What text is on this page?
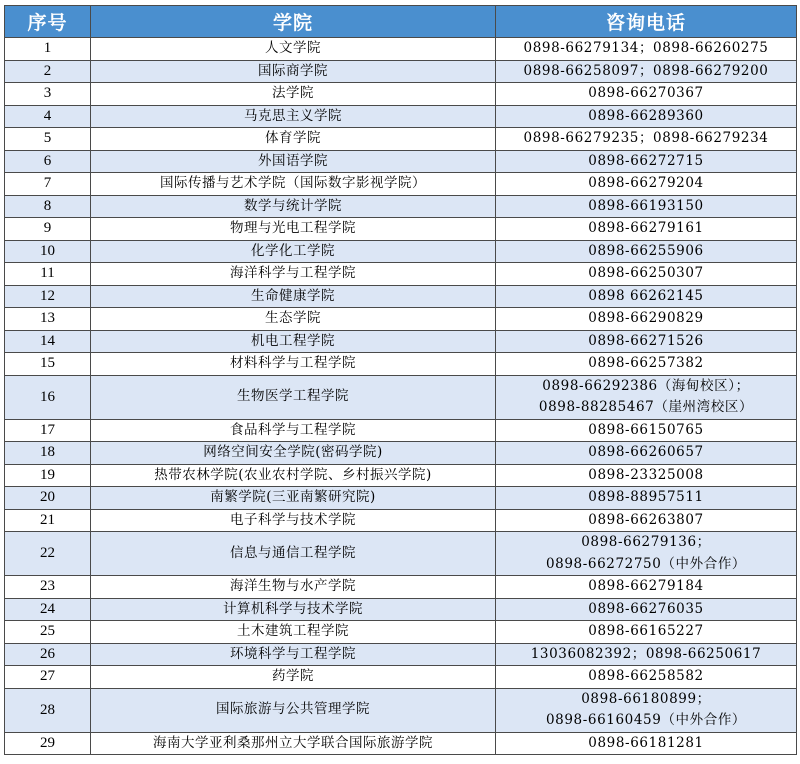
序号	学院	咨询电话
1	人文学院	0898-66279134；0898-66260275

2	国际商学院	0898-66258097；0898-66279200

3	法学院	0898-66270367

4	马克思主义学院	0898-66289360

5	体育学院	0898-66279235；0898-66279234

6	外国语学院	0898-66272715

7	国际传播与艺术学院（国际数字影视学院）	0898-66279204

8	数学与统计学院	0898-66193150

9	物理与光电工程学院	0898-66279161

10	化学化工学院	0898-66255906

11	海洋科学与工程学院	0898-66250307

12	生命健康学院	0898 66262145

13	生态学院	0898-66290829

14	机电工程学院	0898-66271526

15	材料科学与工程学院	0898-66257382

16	生物医学工程学院	0898-66292386（海甸校区）；
0898-88285467（崖州湾校区）

17	食品科学与工程学院	0898-66150765

18	网络空间安全学院(密码学院)	0898-66260657

19	热带农林学院(农业农村学院、乡村振兴学院)	0898-23325008

20	南繁学院(三亚南繁研究院)	0898-88957511

21	电子科学与技术学院	0898-66263807

22	信息与通信工程学院	0898-66279136；
0898-66272750（中外合作）

23	海洋生物与水产学院	0898-66279184

24	计算机科学与技术学院	0898-66276035

25	土木建筑工程学院	0898-66165227

26	环境科学与工程学院	13036082392；0898-66250617

27	药学院	0898-66258582

28	国际旅游与公共管理学院	0898-66180899；
0898-66160459（中外合作）

29	海南大学亚利桑那州立大学联合国际旅游学院	0898-66181281
